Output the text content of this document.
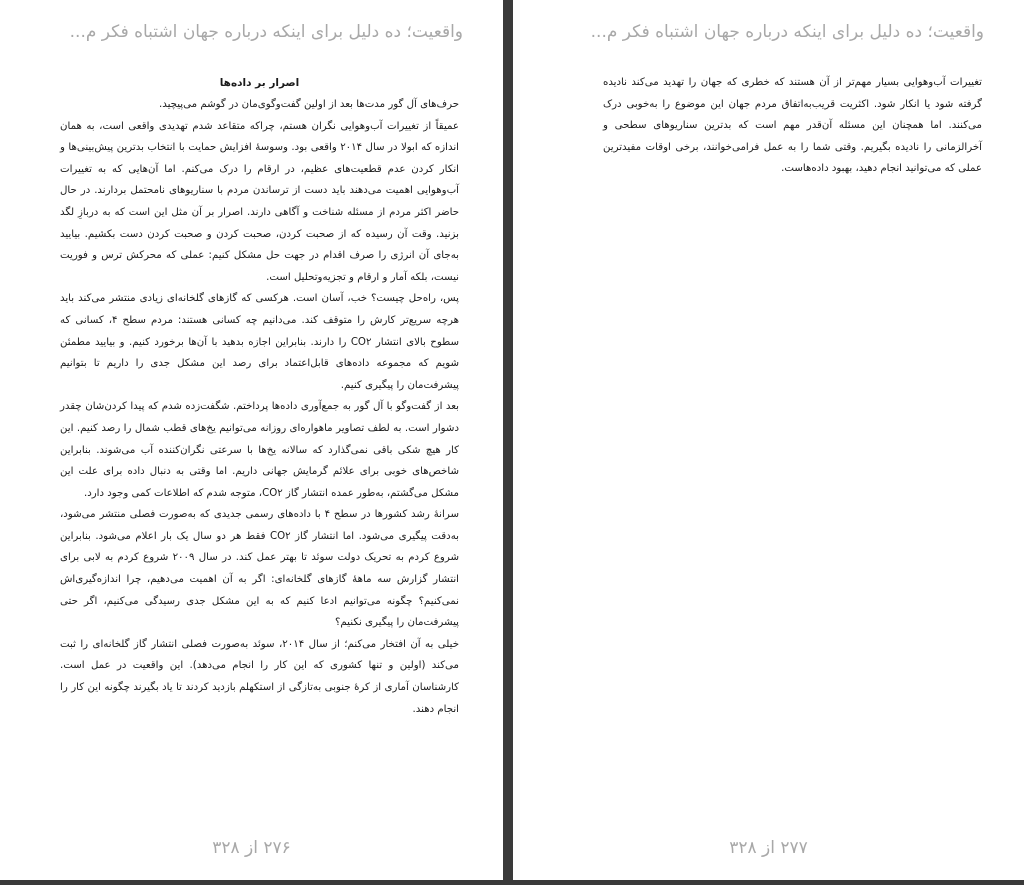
واقعیت؛ ده دلیل برای اینکه درباره جهان اشتباه فکر م...

اصرار بر داده‌ها

حرف‌های آل گور مدت‌ها بعد از اولین گفت‌وگوی‌مان در گوشم می‌پیچید.

عمیقاً از تغییرات آب‌وهوایی نگران هستم، چراکه متقاعد شدم تهدیدی واقعی است، به همان اندازه که ابولا در سال ۲۰۱۴ واقعی بود. وسوسهٔ افزایش حمایت با انتخاب بدترین پیش‌بینی‌ها و انکار کردن عدم قطعیت‌های عظیم، در ارقام را درک می‌کنم. اما آن‌هایی که به تغییرات آب‌وهوایی اهمیت می‌دهند باید دست از ترساندن مردم با سناریوهای نامحتمل بردارند. در حال حاضر اکثر مردم از مسئله شناخت و آگاهی دارند. اصرار بر آن مثل این است که به دربازِ لگد بزنید. وقت آن رسیده که از صحبت کردن، صحبت کردن و صحبت کردن دست بکشیم. بیایید به‌جای آن انرژی را صرف اقدام در جهت حل مشکل کنیم: عملی که محرکش ترس و فوریت نیست، بلکه آمار و ارقام و تجزیه‌وتحلیل است.

پس، راه‌حل چیست؟ خب، آسان است. هرکسی که گازهای گلخانه‌ای زیادی منتشر می‌کند باید هرچه سریع‌تر کارش را متوقف کند. می‌دانیم چه کسانی هستند: مردم سطح ۴، کسانی که سطوح بالای انتشار CO۲ را دارند. بنابراین اجازه بدهید با آن‌ها برخورد کنیم. و بیایید مطمئن شویم که مجموعه داده‌های قابل‌اعتماد برای رصد این مشکل جدی را داریم تا بتوانیم پیشرفت‌مان را پیگیری کنیم.

بعد از گفت‌وگو با آل گور به جمع‌آوری داده‌ها پرداختم. شگفت‌زده شدم که پیدا کردن‌شان چقدر دشوار است. به لطف تصاویر ماهواره‌ای روزانه می‌توانیم یخ‌های قطب شمال را رصد کنیم. این کار هیچ شکی باقی نمی‌گذارد که سالانه یخ‌ها با سرعتی نگران‌کننده آب می‌شوند. بنابراین شاخص‌های خوبی برای علائم گرمایش جهانی داریم. اما وقتی به دنبال داده برای علت این مشکل می‌گشتم، به‌طور عمده انتشار گاز CO۲، متوجه شدم که اطلاعات کمی وجود دارد.

سرانهٔ رشد کشورها در سطح ۴ با داده‌های رسمی جدیدی که به‌صورت فصلی منتشر می‌شود، به‌دقت پیگیری می‌شود. اما انتشار گاز CO۲ فقط هر دو سال یک بار اعلام می‌شود. بنابراین شروع کردم به تحریک دولت سوئد تا بهتر عمل کند. در سال ۲۰۰۹ شروع کردم به لابی برای انتشار گزارش سه ماههٔ گازهای گلخانه‌ای: اگر به آن اهمیت می‌دهیم، چرا اندازه‌گیری‌اش نمی‌کنیم؟ چگونه می‌توانیم ادعا کنیم که به این مشکل جدی رسیدگی می‌کنیم، اگر حتی پیشرفت‌مان را پیگیری نکنیم؟

خیلی به آن افتخار می‌کنم؛ از سال ۲۰۱۴، سوئد به‌صورت فصلی انتشار گاز گلخانه‌ای را ثبت می‌کند (اولین و تنها کشوری که این کار را انجام می‌دهد). این واقعیت در عمل است. کارشناسان آماری از کرهٔ جنوبی به‌تازگی از استکهلم بازدید کردند تا یاد بگیرند چگونه این کار را انجام دهند.

۲۷۶ از ۳۲۸
واقعیت؛ ده دلیل برای اینکه درباره جهان اشتباه فکر م...

تغییرات آب‌وهوایی بسیار مهم‌تر از آن هستند که خطری که جهان را تهدید می‌کند نادیده گرفته شود یا انکار شود. اکثریت قریب‌به‌اتفاق مردم جهان این موضوع را به‌خوبی درک می‌کنند. اما همچنان این مسئله آن‌قدر مهم است که بدترین سناریوهای سطحی و آخرالزمانی را نادیده بگیریم. وقتی شما را به عمل فرامی‌خوانند، برخی اوقات مفیدترین عملی که می‌توانید انجام دهید، بهبود داده‌هاست.

۲۷۷ از ۳۲۸
